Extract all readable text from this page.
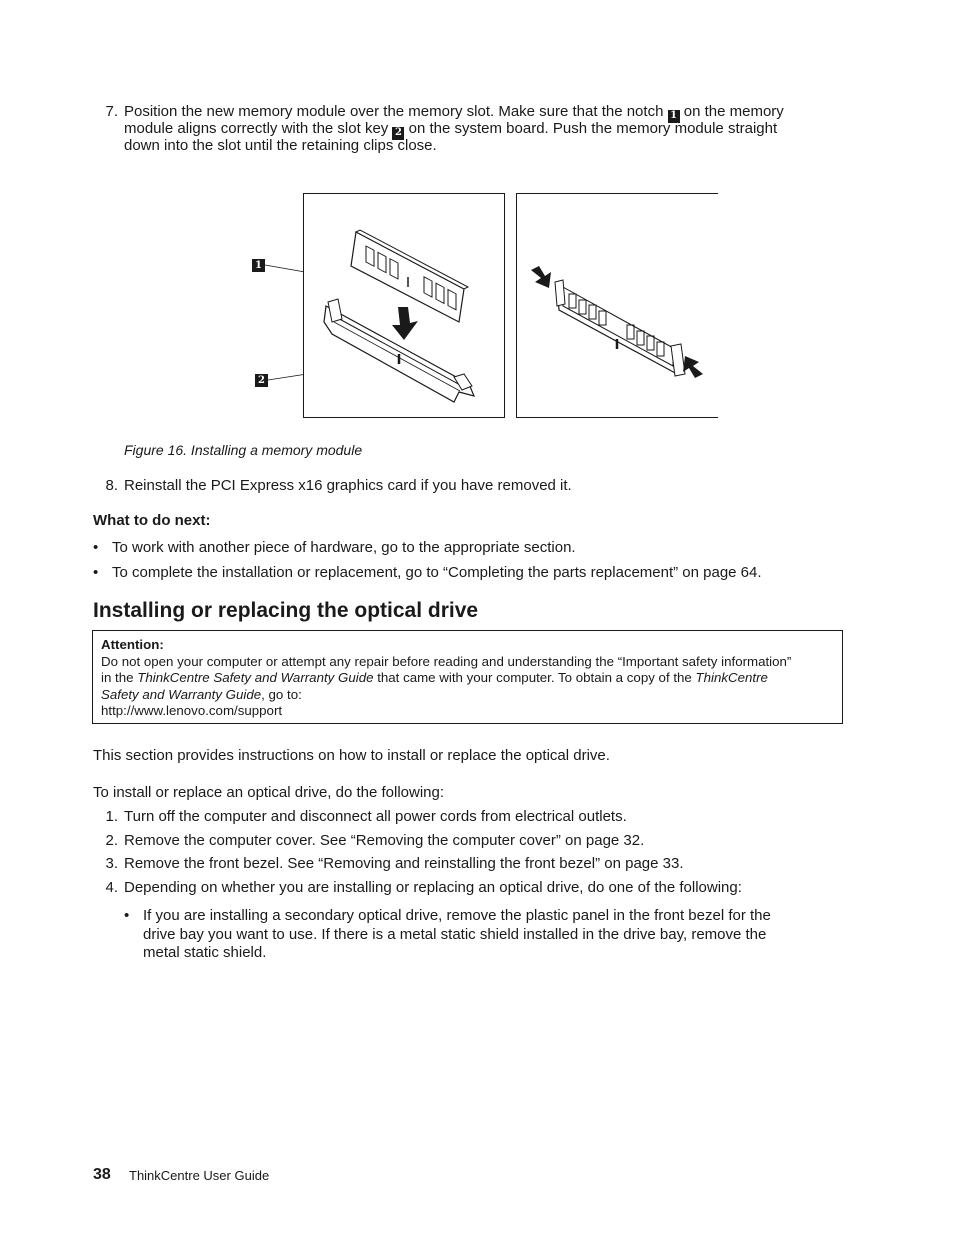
7. Position the new memory module over the memory slot. Make sure that the notch 1 on the memory
module aligns correctly with the slot key 2 on the system board. Push the memory module straight
down into the slot until the retaining clips close.
1
2
Figure 16. Installing a memory module
8. Reinstall the PCI Express x16 graphics card if you have removed it.
What to do next:
• To work with another piece of hardware, go to the appropriate section.
• To complete the installation or replacement, go to “Completing the parts replacement” on page 64.
Installing or replacing the optical drive
Attention:
Do not open your computer or attempt any repair before reading and understanding the “Important safety information”
in the ThinkCentre Safety and Warranty Guide that came with your computer. To obtain a copy of the ThinkCentre
Safety and Warranty Guide, go to:
http://www.lenovo.com/support
This section provides instructions on how to install or replace the optical drive.
To install or replace an optical drive, do the following:
1. Turn off the computer and disconnect all power cords from electrical outlets.
2. Remove the computer cover. See “Removing the computer cover” on page 32.
3. Remove the front bezel. See “Removing and reinstalling the front bezel” on page 33.
4. Depending on whether you are installing or replacing an optical drive, do one of the following:
• If you are installing a secondary optical drive, remove the plastic panel in the front bezel for the
drive bay you want to use. If there is a metal static shield installed in the drive bay, remove the
metal static shield.
38 ThinkCentre User Guide
